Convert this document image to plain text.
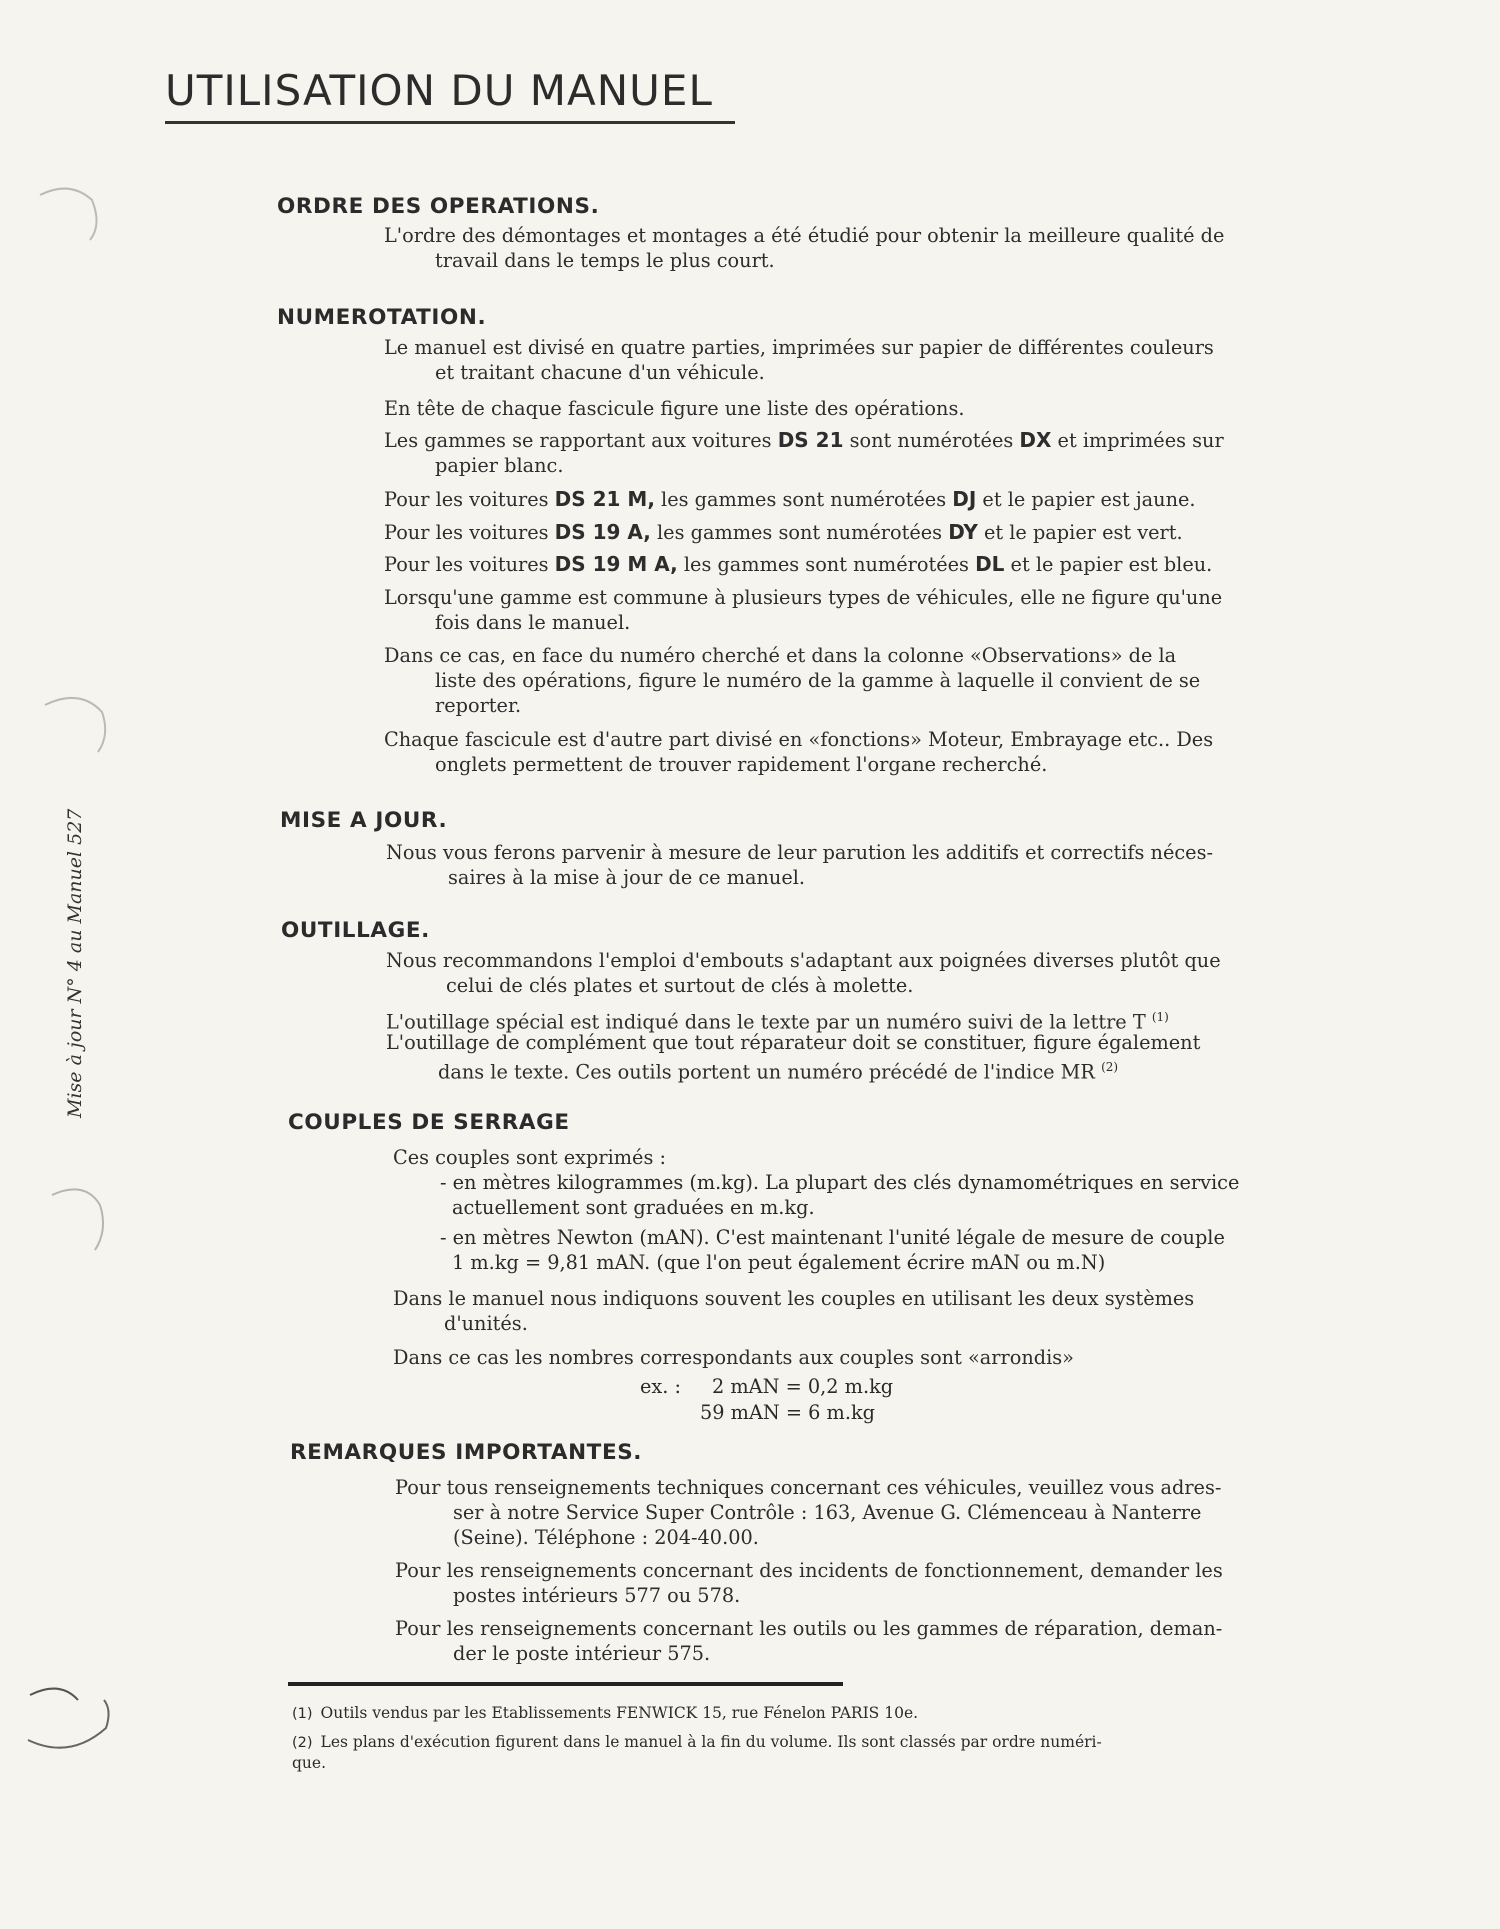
UTILISATION DU MANUEL
Mise à jour N° 4 au Manuel 527
ORDRE DES OPERATIONS.
L'ordre des démontages et montages a été étudié pour obtenir la meilleure qualité de
travail dans le temps le plus court.
NUMEROTATION.
Le manuel est divisé en quatre parties, imprimées sur papier de différentes couleurs
et traitant chacune d'un véhicule.
En tête de chaque fascicule figure une liste des opérations.
Les gammes se rapportant aux voitures DS 21 sont numérotées DX et imprimées sur
papier blanc.
Pour les voitures DS 21 M, les gammes sont numérotées DJ et le papier est jaune.
Pour les voitures DS 19 A, les gammes sont numérotées DY et le papier est vert.
Pour les voitures DS 19 M A, les gammes sont numérotées DL et le papier est bleu.
Lorsqu'une gamme est commune à plusieurs types de véhicules, elle ne figure qu'une
fois dans le manuel.
Dans ce cas, en face du numéro cherché et dans la colonne «Observations» de la
liste des opérations, figure le numéro de la gamme à laquelle il convient de se
reporter.
Chaque fascicule est d'autre part divisé en «fonctions» Moteur, Embrayage etc.. Des
onglets permettent de trouver rapidement l'organe recherché.
MISE A JOUR.
Nous vous ferons parvenir à mesure de leur parution les additifs et correctifs néces-
saires à la mise à jour de ce manuel.
OUTILLAGE.
Nous recommandons l'emploi d'embouts s'adaptant aux poignées diverses plutôt que
celui de clés plates et surtout de clés à molette.
L'outillage spécial est indiqué dans le texte par un numéro suivi de la lettre T $^{(1)}$
L'outillage de complément que tout réparateur doit se constituer, figure également
dans le texte. Ces outils portent un numéro précédé de l'indice MR $^{(2)}$
COUPLES DE SERRAGE
Ces couples sont exprimés :
- en mètres kilogrammes (m.kg). La plupart des clés dynamométriques en service
actuellement sont graduées en m.kg.
- en mètres Newton (mAN). C'est maintenant l'unité légale de mesure de couple
1 m.kg = 9,81 mAN. (que l'on peut également écrire mAN ou m.N)
Dans le manuel nous indiquons souvent les couples en utilisant les deux systèmes
d'unités.
Dans ce cas les nombres correspondants aux couples sont «arrondis»
ex. : 2 mAN = 0,2 m.kg
59 mAN = 6 m.kg
REMARQUES IMPORTANTES.
Pour tous renseignements techniques concernant ces véhicules, veuillez vous adres-
ser à notre Service Super Contrôle : 163, Avenue G. Clémenceau à Nanterre
(Seine). Téléphone : 204-40.00.
Pour les renseignements concernant des incidents de fonctionnement, demander les
postes intérieurs 577 ou 578.
Pour les renseignements concernant les outils ou les gammes de réparation, deman-
der le poste intérieur 575.
(1) Outils vendus par les Etablissements FENWICK 15, rue Fénelon PARIS 10e.
(2) Les plans d'exécution figurent dans le manuel à la fin du volume. Ils sont classés par ordre numéri-
que.
